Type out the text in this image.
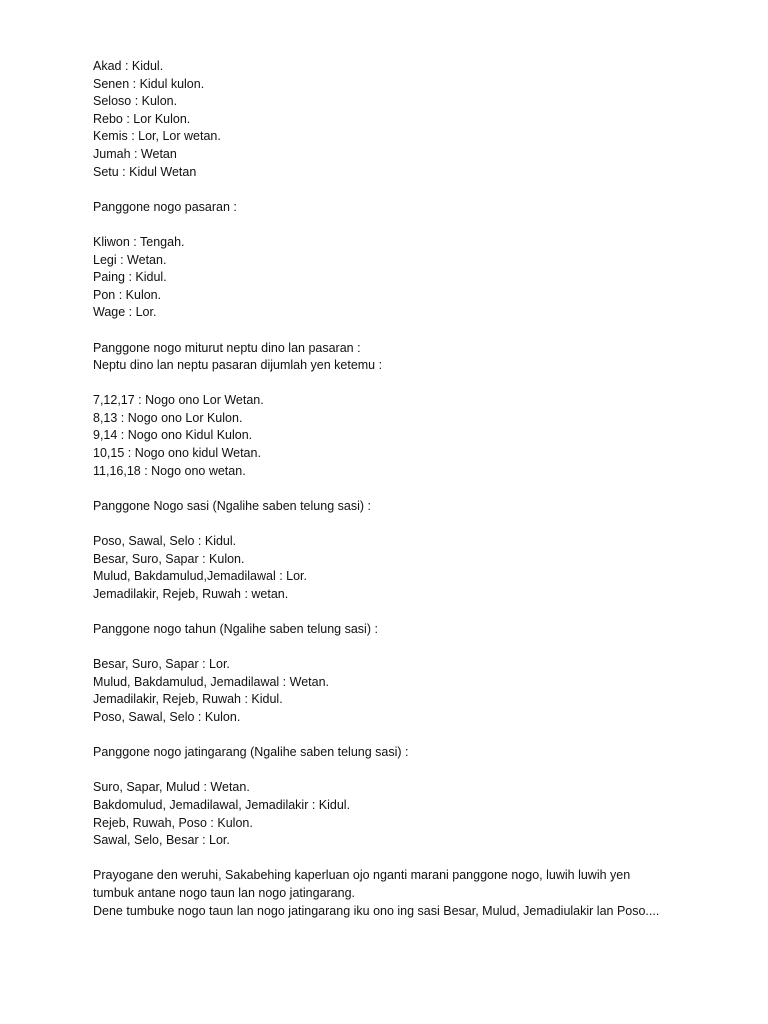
Akad : Kidul.
Senen : Kidul kulon.
Seloso : Kulon.
Rebo : Lor Kulon.
Kemis : Lor, Lor wetan.
Jumah : Wetan
Setu : Kidul Wetan
Panggone nogo pasaran :
Kliwon : Tengah.
Legi : Wetan.
Paing : Kidul.
Pon : Kulon.
Wage : Lor.
Panggone nogo miturut neptu dino lan pasaran :
Neptu dino lan neptu pasaran dijumlah yen ketemu :
7,12,17 : Nogo ono Lor Wetan.
8,13 : Nogo ono Lor Kulon.
9,14 : Nogo ono Kidul Kulon.
10,15 : Nogo ono kidul Wetan.
11,16,18 : Nogo ono wetan.
Panggone Nogo sasi (Ngalihe saben telung sasi) :
Poso, Sawal, Selo : Kidul.
Besar, Suro, Sapar : Kulon.
Mulud, Bakdamulud,Jemadilawal : Lor.
Jemadilakir, Rejeb, Ruwah : wetan.
Panggone nogo tahun (Ngalihe saben telung sasi) :
Besar, Suro, Sapar : Lor.
Mulud, Bakdamulud, Jemadilawal : Wetan.
Jemadilakir, Rejeb, Ruwah : Kidul.
Poso, Sawal, Selo : Kulon.
Panggone nogo jatingarang (Ngalihe saben telung sasi) :
Suro, Sapar, Mulud : Wetan.
Bakdomulud, Jemadilawal, Jemadilakir : Kidul.
Rejeb, Ruwah, Poso : Kulon.
Sawal, Selo, Besar : Lor.
Prayogane den weruhi, Sakabehing kaperluan ojo nganti marani panggone nogo, luwih luwih yen tumbuk antane nogo taun lan nogo jatingarang.
Dene tumbuke nogo taun lan nogo jatingarang iku ono ing sasi Besar, Mulud, Jemadiulakir lan Poso....
